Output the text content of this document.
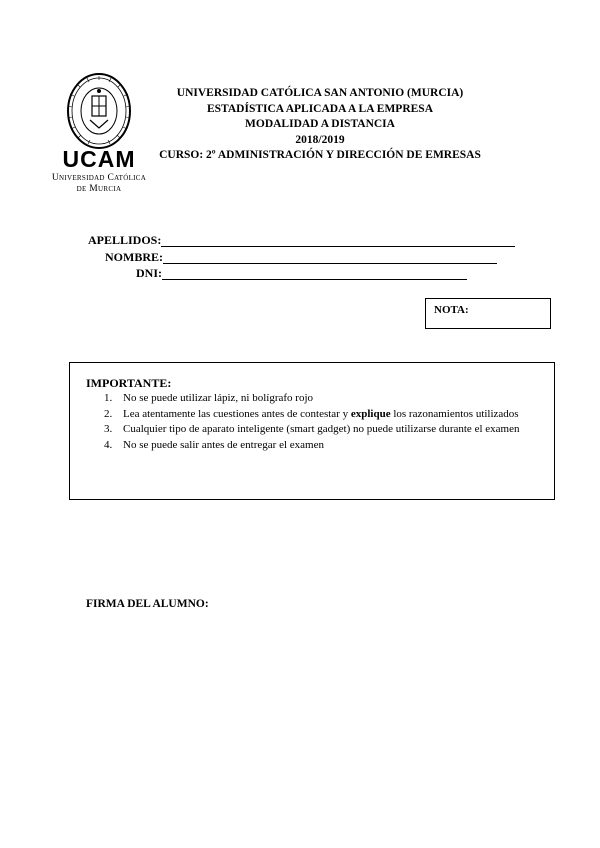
UCAM
Universidad Católica
de Murcia
UNIVERSIDAD CATÓLICA SAN ANTONIO (MURCIA)
ESTADÍSTICA APLICADA A LA EMPRESA
MODALIDAD A DISTANCIA
2018/2019
CURSO: 2º ADMINISTRACIÓN Y DIRECCIÓN DE EMRESAS
APELLIDOS:
NOMBRE:
DNI:
NOTA:
IMPORTANTE:
1. No se puede utilizar lápiz, ni bolígrafo rojo
2. Lea atentamente las cuestiones antes de contestar y explique los razonamientos utilizados
3. Cualquier tipo de aparato inteligente (smart gadget) no puede utilizarse durante el examen
4. No se puede salir antes de entregar el examen
FIRMA DEL ALUMNO:
